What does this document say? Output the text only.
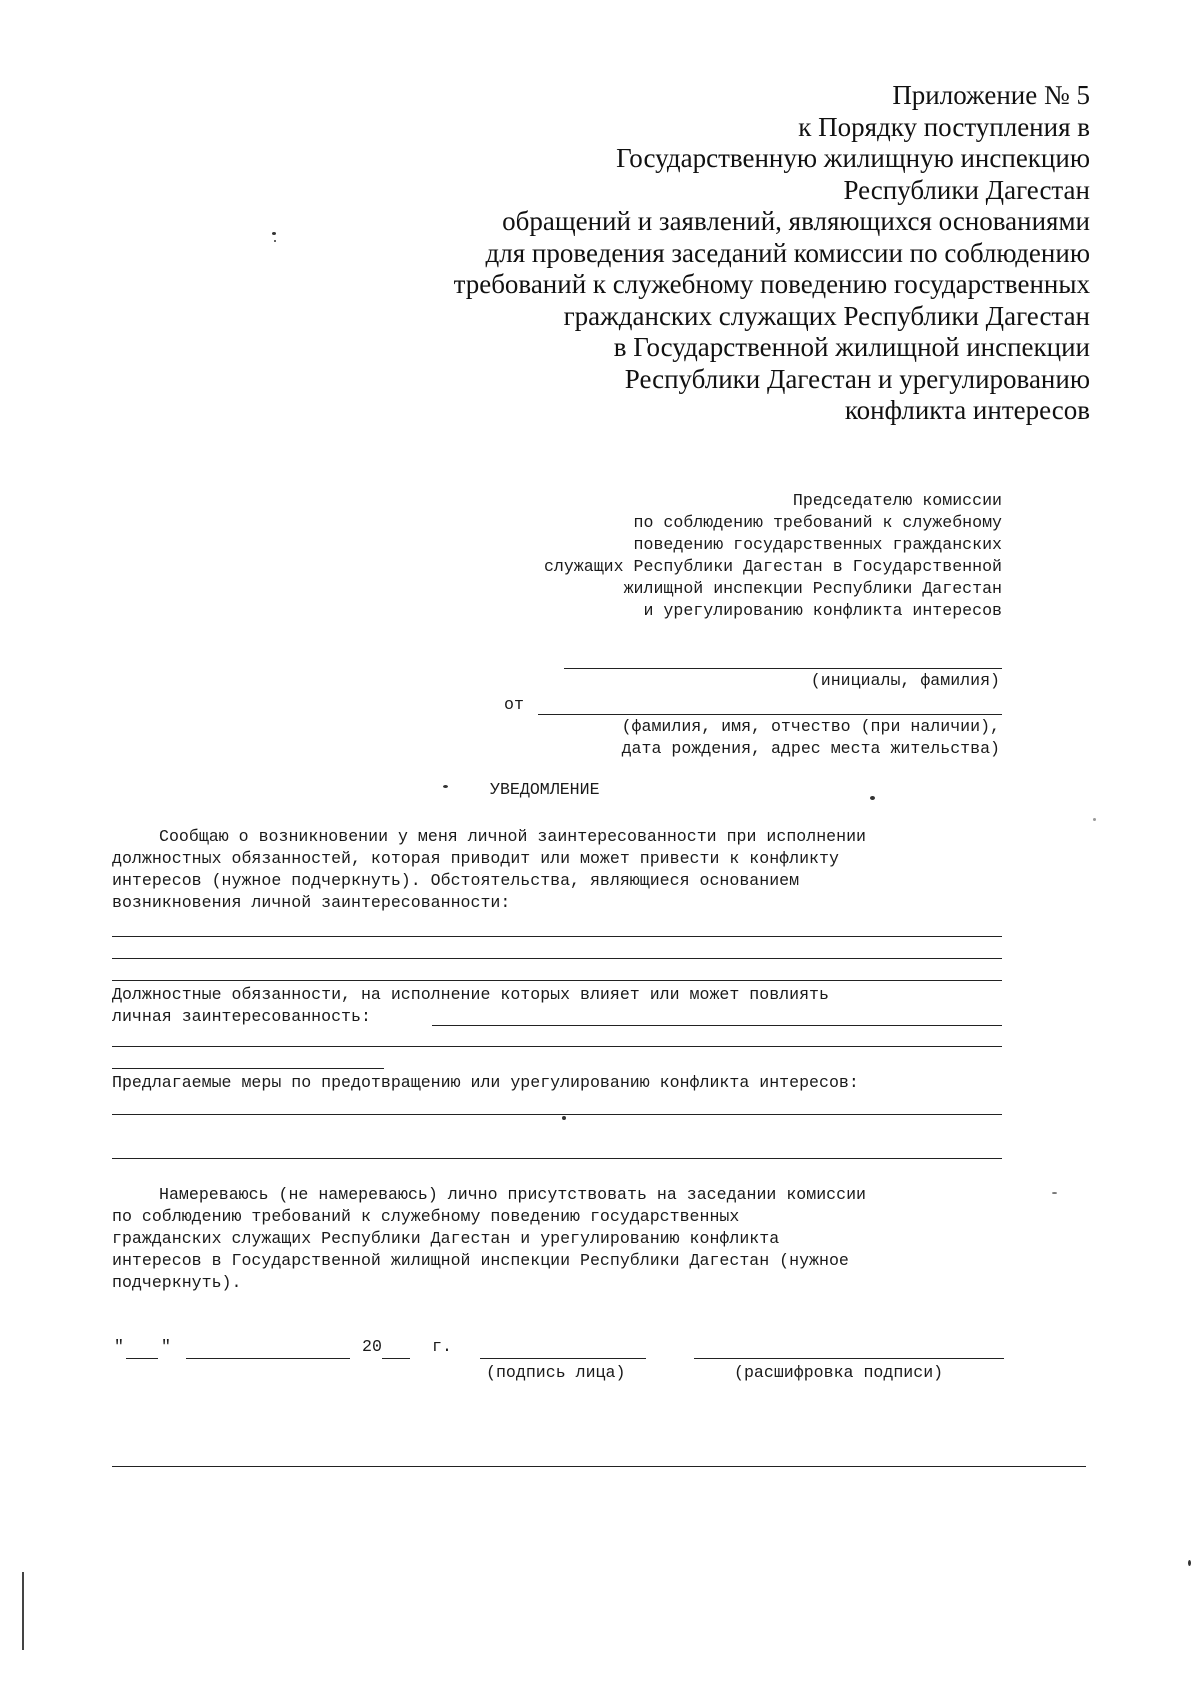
Приложение № 5
к Порядку поступления в
Государственную жилищную инспекцию
Республики Дагестан
обращений и заявлений, являющихся основаниями
для проведения заседаний комиссии по соблюдению
требований к служебному поведению государственных
гражданских служащих Республики Дагестан
в Государственной жилищной инспекции
Республики Дагестан и урегулированию
конфликта интересов
Председателю комиссии
по соблюдению требований к служебному
поведению государственных гражданских
служащих Республики Дагестан в Государственной
жилищной инспекции Республики Дагестан
и урегулированию конфликта интересов
(инициалы, фамилия)
от
(фамилия, имя, отчество (при наличии),
дата рождения, адрес места жительства)
УВЕДОМЛЕНИЕ
Сообщаю о возникновении у меня личной заинтересованности при исполнении
должностных обязанностей, которая приводит или может привести к конфликту
интересов (нужное подчеркнуть). Обстоятельства, являющиеся основанием
возникновения личной заинтересованности:
Должностные обязанности, на исполнение которых влияет или может повлиять
личная заинтересованность:
Предлагаемые меры по предотвращению или урегулированию конфликта интересов:
Намереваюсь (не намереваюсь) лично присутствовать на заседании комиссии
по соблюдению требований к служебному поведению государственных
гражданских служащих Республики Дагестан и урегулированию конфликта
интересов в Государственной жилищной инспекции Республики Дагестан (нужное
подчеркнуть).
" "	20	г.
(подпись лица)	(расшифровка подписи)
